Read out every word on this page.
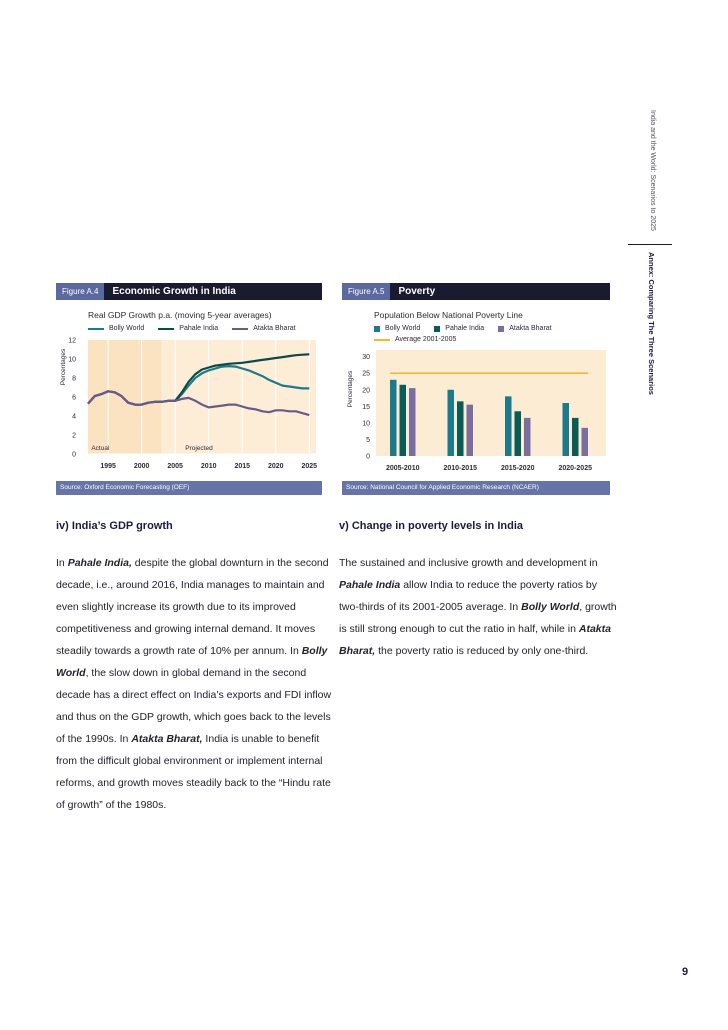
India and the World: Scenarios to 2025
Annex: Comparing The Three Scenarios
Figure A.4	Economic Growth in India
Real GDP Growth p.a. (moving 5-year averages)
Bolly World	Pahale India	Atakta Bharat
0
2
4
6
8
10
12
1995	2000	2005	2010	2015	2020	2025
Percentages
Actual	Projected
Source: Oxford Economic Forecasting (OEF)
Figure A.5	Poverty
Population Below National Poverty Line
Bolly World	Pahale India	Atakta Bharat
Average 2001-2005
0
5
10
15
20
25
30
Percentages
2005-2010	2010-2015	2015-2020	2020-2025
Source: National Council for Applied Economic Research (NCAER)
iv) India’s GDP growth

In Pahale India, despite the global downturn in the second decade, i.e., around 2016, India manages to maintain and even slightly increase its growth due to its improved competitiveness and growing internal demand. It moves steadily towards a growth rate of 10% per annum. In Bolly World, the slow down in global demand in the second decade has a direct effect on India’s exports and FDI inflow and thus on the GDP growth, which goes back to the levels of the 1990s. In Atakta Bharat, India is unable to benefit from the difficult global environment or implement internal reforms, and growth moves steadily back to the “Hindu rate of growth” of the 1980s.

v) Change in poverty levels in India

The sustained and inclusive growth and development in Pahale India allow India to reduce the poverty ratios by two-thirds of its 2001-2005 average. In Bolly World, growth is still strong enough to cut the ratio in half, while in Atakta Bharat, the poverty ratio is reduced by only one-third.

9
